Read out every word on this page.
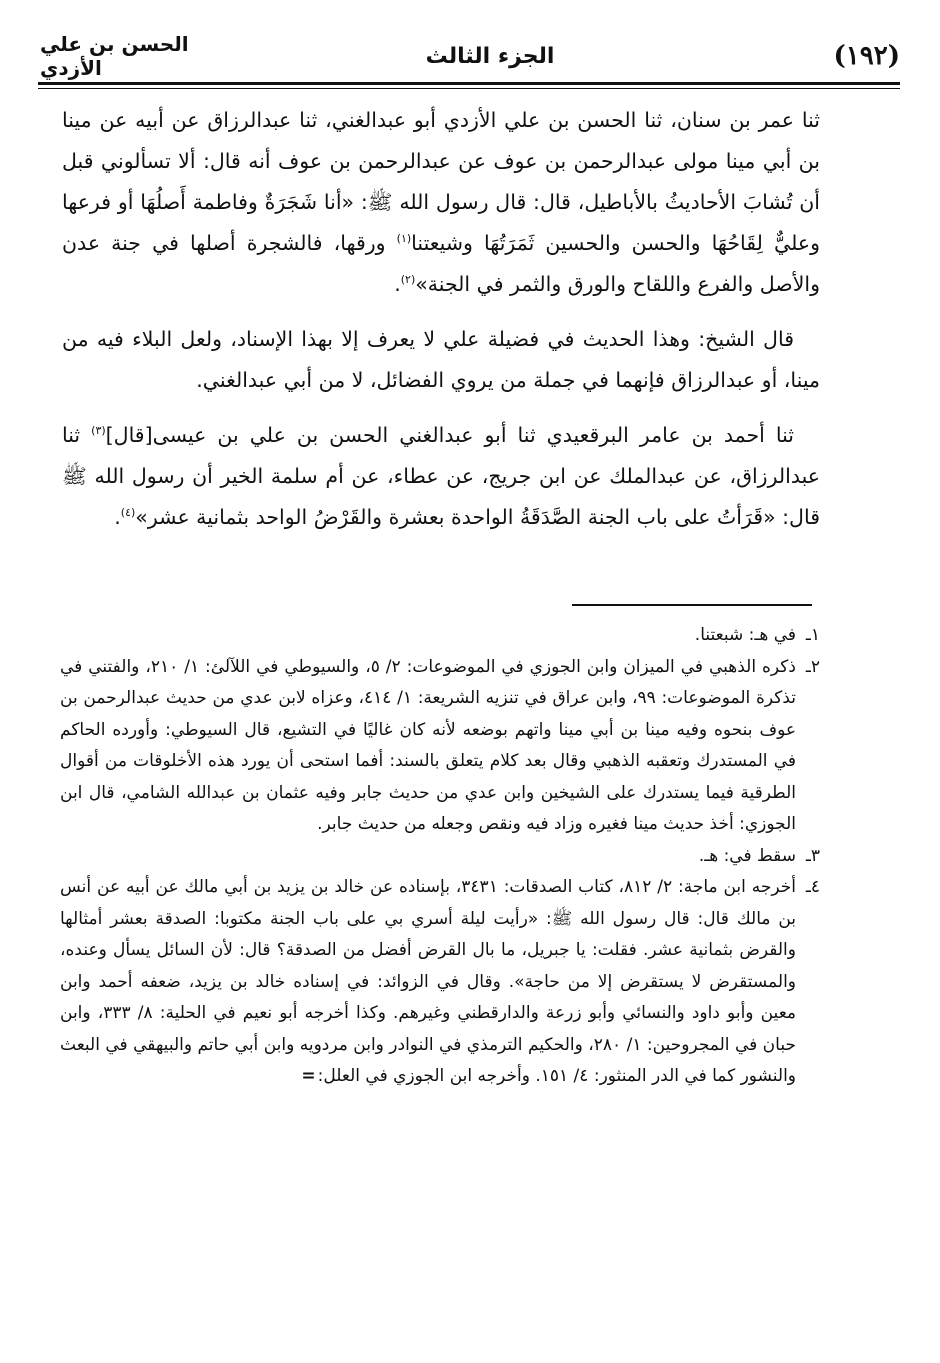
(١٩٢)
الجزء الثالث
الحسن بن علي الأزدي

ثنا عمر بن سنان، ثنا الحسن بن علي الأزدي أبو عبدالغني، ثنا عبدالرزاق عن أبيه عن مينا بن أبي مينا مولى عبدالرحمن بن عوف عن عبدالرحمن بن عوف أنه قال: ألا تسألوني قبل أن تُشابَ الأحاديثُ بالأباطيل، قال: قال رسول الله ﷺ: «أنا شَجَرَةٌ وفاطمة أَصلُهَا أو فرعها وعليٌّ لِقَاحُهَا والحسن والحسين ثَمَرَتُهَا وشيعتنا$^{(١)}$ ورقها، فالشجرة أصلها في جنة عدن والأصل والفرع واللقاح والورق والثمر في الجنة»$^{(٢)}$.

قال الشيخ: وهذا الحديث في فضيلة علي لا يعرف إلا بهذا الإسناد، ولعل البلاء فيه من مينا، أو عبدالرزاق فإنهما في جملة من يروي الفضائل، لا من أبي عبدالغني.

ثنا أحمد بن عامر البرقعيدي ثنا أبو عبدالغني الحسن بن علي بن عيسى[قال]$^{(٣)}$ ثنا عبدالرزاق، عن عبدالملك عن ابن جريج، عن عطاء، عن أم سلمة الخير أن رسول الله ﷺ قال: «قَرَأتُ على باب الجنة الصَّدَقَةُ الواحدة بعشرة والقَرْضُ الواحد بثمانية عشر»$^{(٤)}$.

١ـ
في هـ: شبعتنا.

٢ـ
ذكره الذهبي في الميزان وابن الجوزي في الموضوعات: ٢/ ٥، والسيوطي في اللآلئ: ١/ ٢١٠، والفتني في تذكرة الموضوعات: ٩٩، وابن عراق في تنزيه الشريعة: ١/ ٤١٤، وعزاه لابن عدي من حديث عبدالرحمن بن عوف بنحوه وفيه مينا بن أبي مينا واتهم بوضعه لأنه كان غاليًا في التشيع، قال السيوطي: وأورده الحاكم في المستدرك وتعقبه الذهبي وقال بعد كلام يتعلق بالسند: أفما استحى أن يورد هذه الأخلوقات من أقوال الطرقية فيما يستدرك على الشيخين وابن عدي من حديث جابر وفيه عثمان بن عبدالله الشامي، قال ابن الجوزي: أخذ حديث مينا فغيره وزاد فيه ونقص وجعله من حديث جابر.

٣ـ
سقط في: هـ.

٤ـ
أخرجه ابن ماجة: ٢/ ٨١٢، كتاب الصدقات: ٣٤٣١، بإسناده عن خالد بن يزيد بن أبي مالك عن أبيه عن أنس بن مالك قال: قال رسول الله ﷺ: «رأيت ليلة أسري بي على باب الجنة مكتوبا: الصدقة بعشر أمثالها والقرض بثمانية عشر. فقلت: يا جبريل، ما بال القرض أفضل من الصدقة؟ قال: لأن السائل يسأل وعنده، والمستقرض لا يستقرض إلا من حاجة». وقال في الزوائد: في إسناده خالد بن يزيد، ضعفه أحمد وابن معين وأبو داود والنسائي وأبو زرعة والدارقطني وغيرهم. وكذا أخرجه أبو نعيم في الحلية: ٨/ ٣٣٣، وابن حبان في المجروحين: ١/ ٢٨٠، والحكيم الترمذي في النوادر وابن مردويه وابن أبي حاتم والبيهقي في البعث والنشور كما في الدر المنثور: ٤/ ١٥١. وأخرجه ابن الجوزي في العلل:=
